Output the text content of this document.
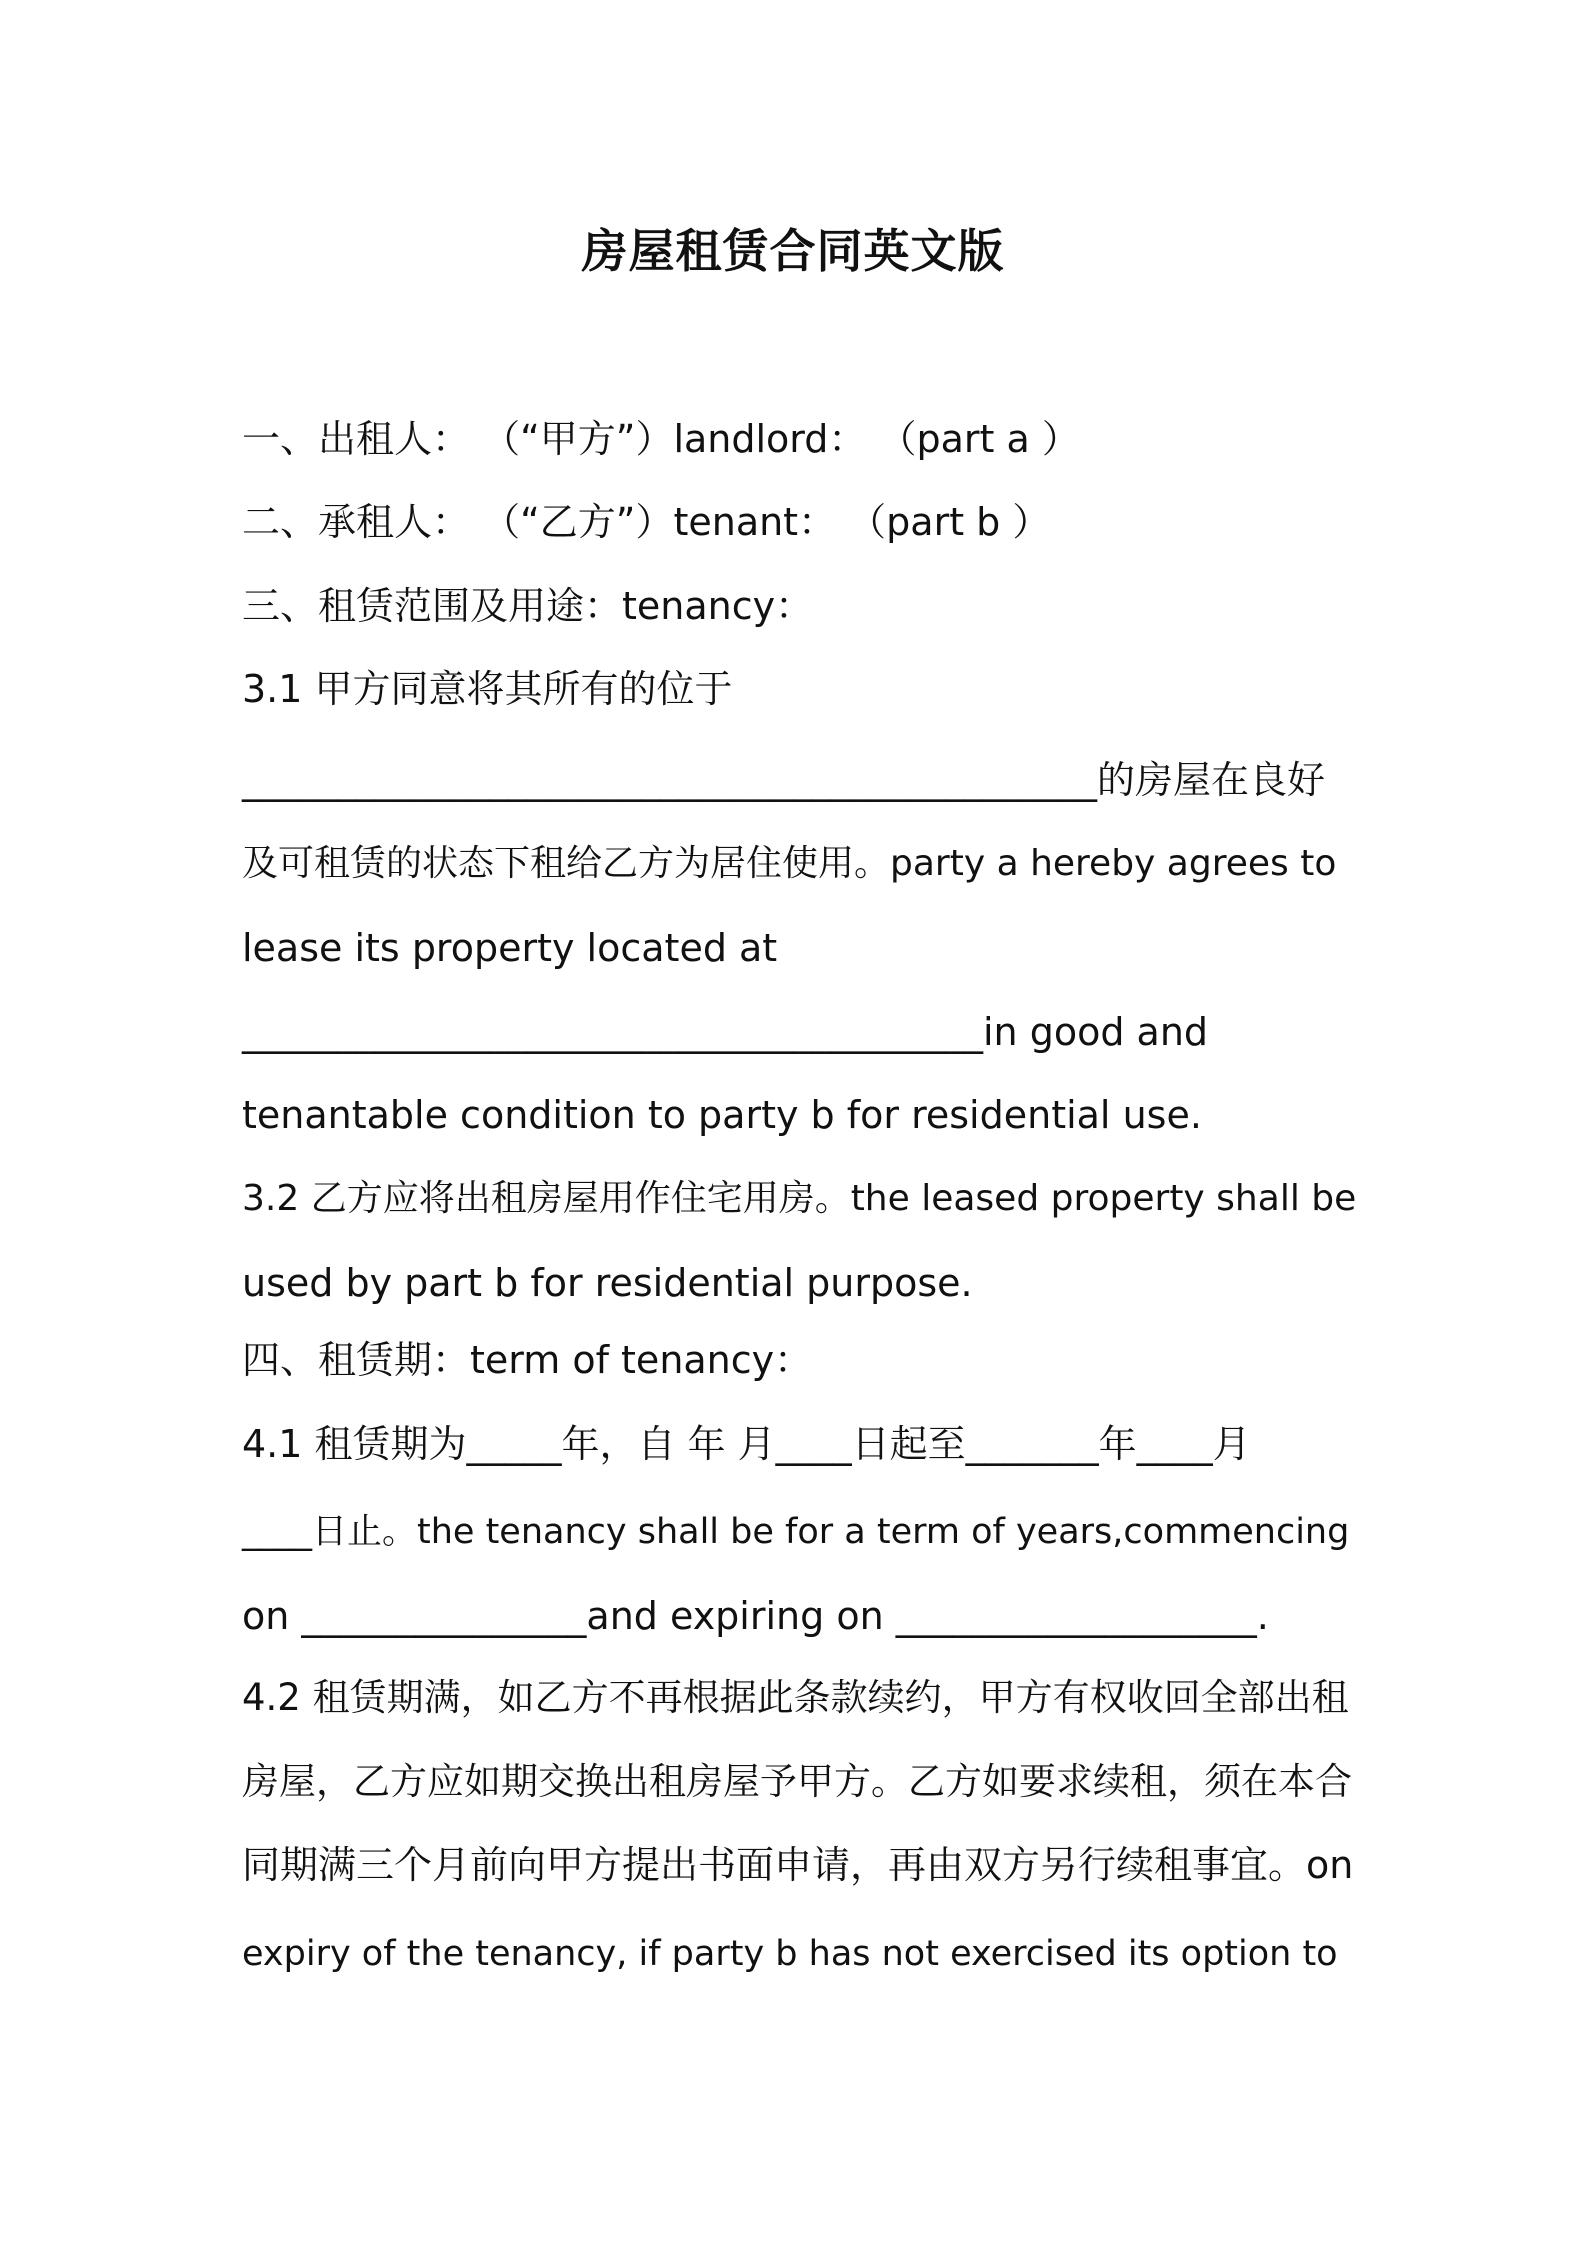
房屋租赁合同英文版
一、出租人： （“甲方”）landlord： （part a ）
二、承租人： （“乙方”）tenant： （part b ）
三、租赁范围及用途：tenancy：
3.1 甲方同意将其所有的位于
_____________________________________________的房屋在良好
及可租赁的状态下租给乙方为居住使用。party a hereby agrees to
lease its property located at
_______________________________________in good and
tenantable condition to party b for residential use.
3.2 乙方应将出租房屋用作住宅用房。the leased property shall be
used by part b for residential purpose.
四、租赁期：term of tenancy：
4.1 租赁期为_____年，自 年 月____日起至_______年____月
____日止。the tenancy shall be for a term of years,commencing
on _______________and expiring on ___________________.
4.2 租赁期满，如乙方不再根据此条款续约，甲方有权收回全部出租
房屋，乙方应如期交换出租房屋予甲方。乙方如要求续租，须在本合
同期满三个月前向甲方提出书面申请，再由双方另行续租事宜。on
expiry of the tenancy, if party b has not exercised its option to
